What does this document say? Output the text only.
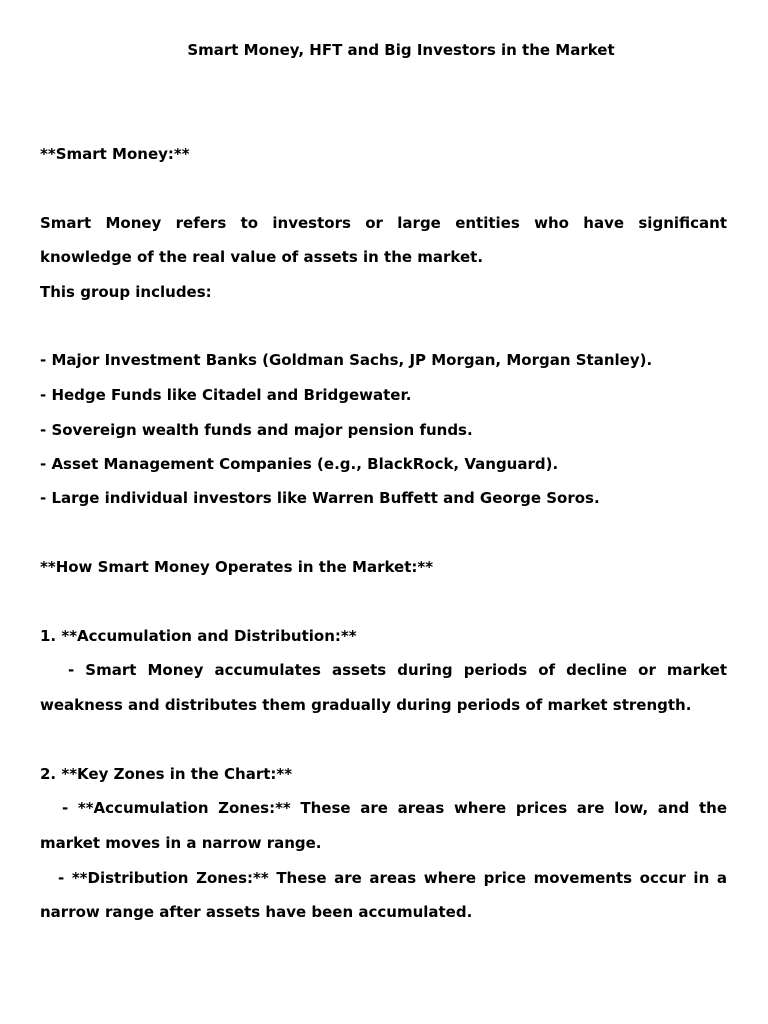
Smart Money, HFT and Big Investors in the Market
**Smart Money:**
Smart Money refers to investors or large entities who have significant
knowledge of the real value of assets in the market.
This group includes:
- Major Investment Banks (Goldman Sachs, JP Morgan, Morgan Stanley).
- Hedge Funds like Citadel and Bridgewater.
- Sovereign wealth funds and major pension funds.
- Asset Management Companies (e.g., BlackRock, Vanguard).
- Large individual investors like Warren Buffett and George Soros.
**How Smart Money Operates in the Market:**
1. **Accumulation and Distribution:**
- Smart Money accumulates assets during periods of decline or market
weakness and distributes them gradually during periods of market strength.
2. **Key Zones in the Chart:**
- **Accumulation Zones:** These are areas where prices are low, and the
market moves in a narrow range.
- **Distribution Zones:** These are areas where price movements occur in a
narrow range after assets have been accumulated.
